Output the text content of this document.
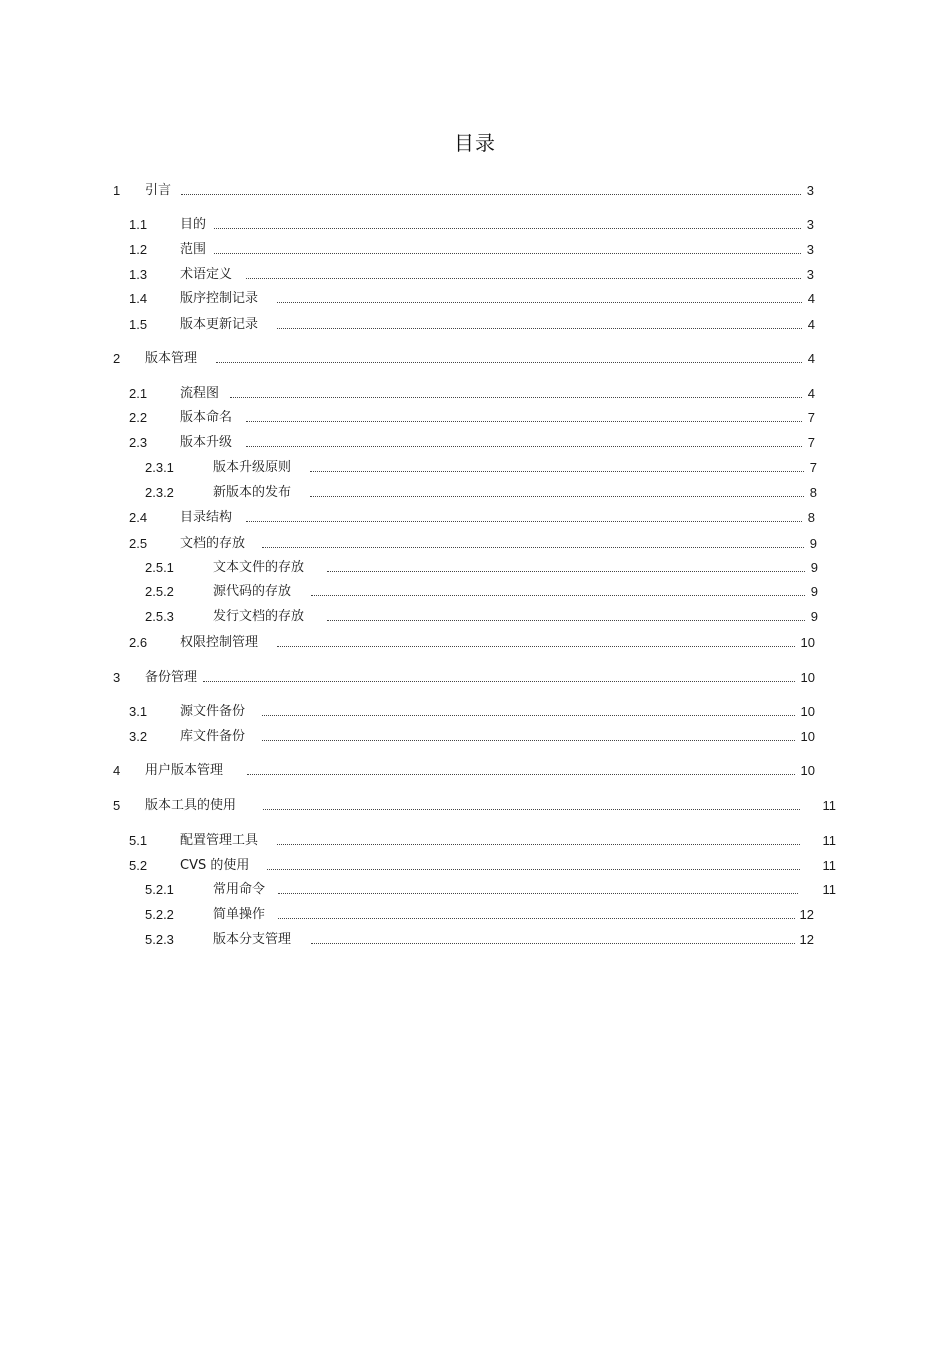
目录
1 引言	3
1.1	目的	3
1.2	范围	3
1.3	术语定义	3
1.4	版序控制记录	4
1.5	版本更新记录	4
2 版本管理	4
2.1	流程图	4
2.2	版本命名	7
2.3	版本升级	7
2.3.1	版本升级原则	7
2.3.2	新版本的发布	8
2.4	目录结构	8
2.5	文档的存放	9
2.5.1	文本文件的存放	9
2.5.2	源代码的存放	9
2.5.3	发行文档的存放	9
2.6	权限控制管理	10
3 备份管理	10
3.1	源文件备份	10
3.2	库文件备份	10
4 用户版本管理	10
5 版本工具的使用	11
5.1	配置管理工具	11
5.2	CVS 的使用	11
5.2.1	常用命令	11
5.2.2	简单操作	12
5.2.3	版本分支管理	12
